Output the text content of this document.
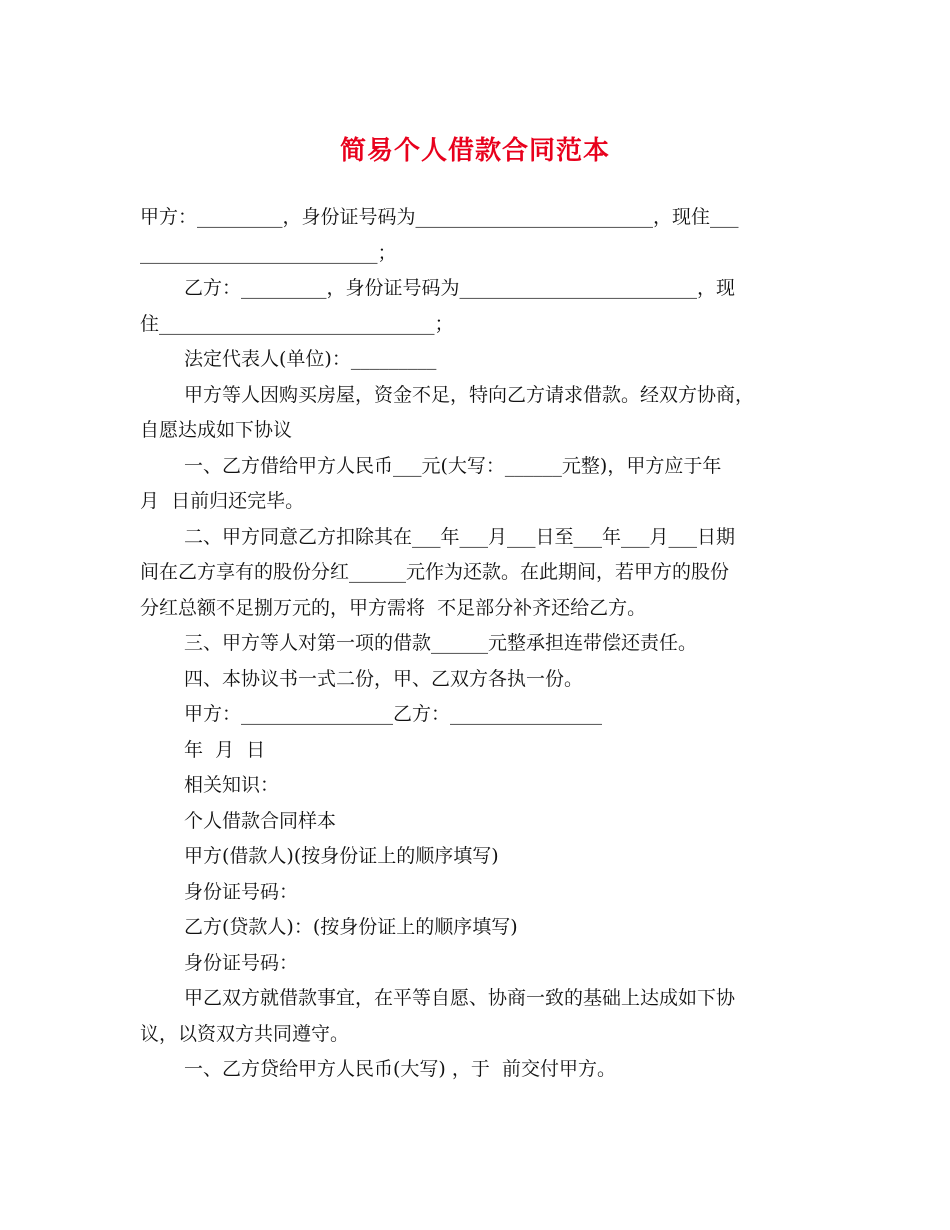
简易个人借款合同范本
甲方：_________，身份证号码为_________________________，现住___
_________________________；
乙方：_________，身份证号码为_________________________，现
住_____________________________；
法定代表人(单位)：_________
甲方等人因购买房屋，资金不足，特向乙方请求借款。经双方协商，
自愿达成如下协议
一、乙方借给甲方人民币___元(大写：______元整)，甲方应于年
月  日前归还完毕。
二、甲方同意乙方扣除其在___年___月___日至___年___月___日期
间在乙方享有的股份分红______元作为还款。在此期间，若甲方的股份
分红总额不足捌万元的，甲方需将  不足部分补齐还给乙方。
三、甲方等人对第一项的借款______元整承担连带偿还责任。
四、本协议书一式二份，甲、乙双方各执一份。
甲方：________________乙方：________________
年  月  日
相关知识：
个人借款合同样本
甲方(借款人)(按身份证上的顺序填写)
身份证号码：
乙方(贷款人)：(按身份证上的顺序填写)
身份证号码：
甲乙双方就借款事宜，在平等自愿、协商一致的基础上达成如下协
议，以资双方共同遵守。
一、乙方贷给甲方人民币(大写) ，于  前交付甲方。
